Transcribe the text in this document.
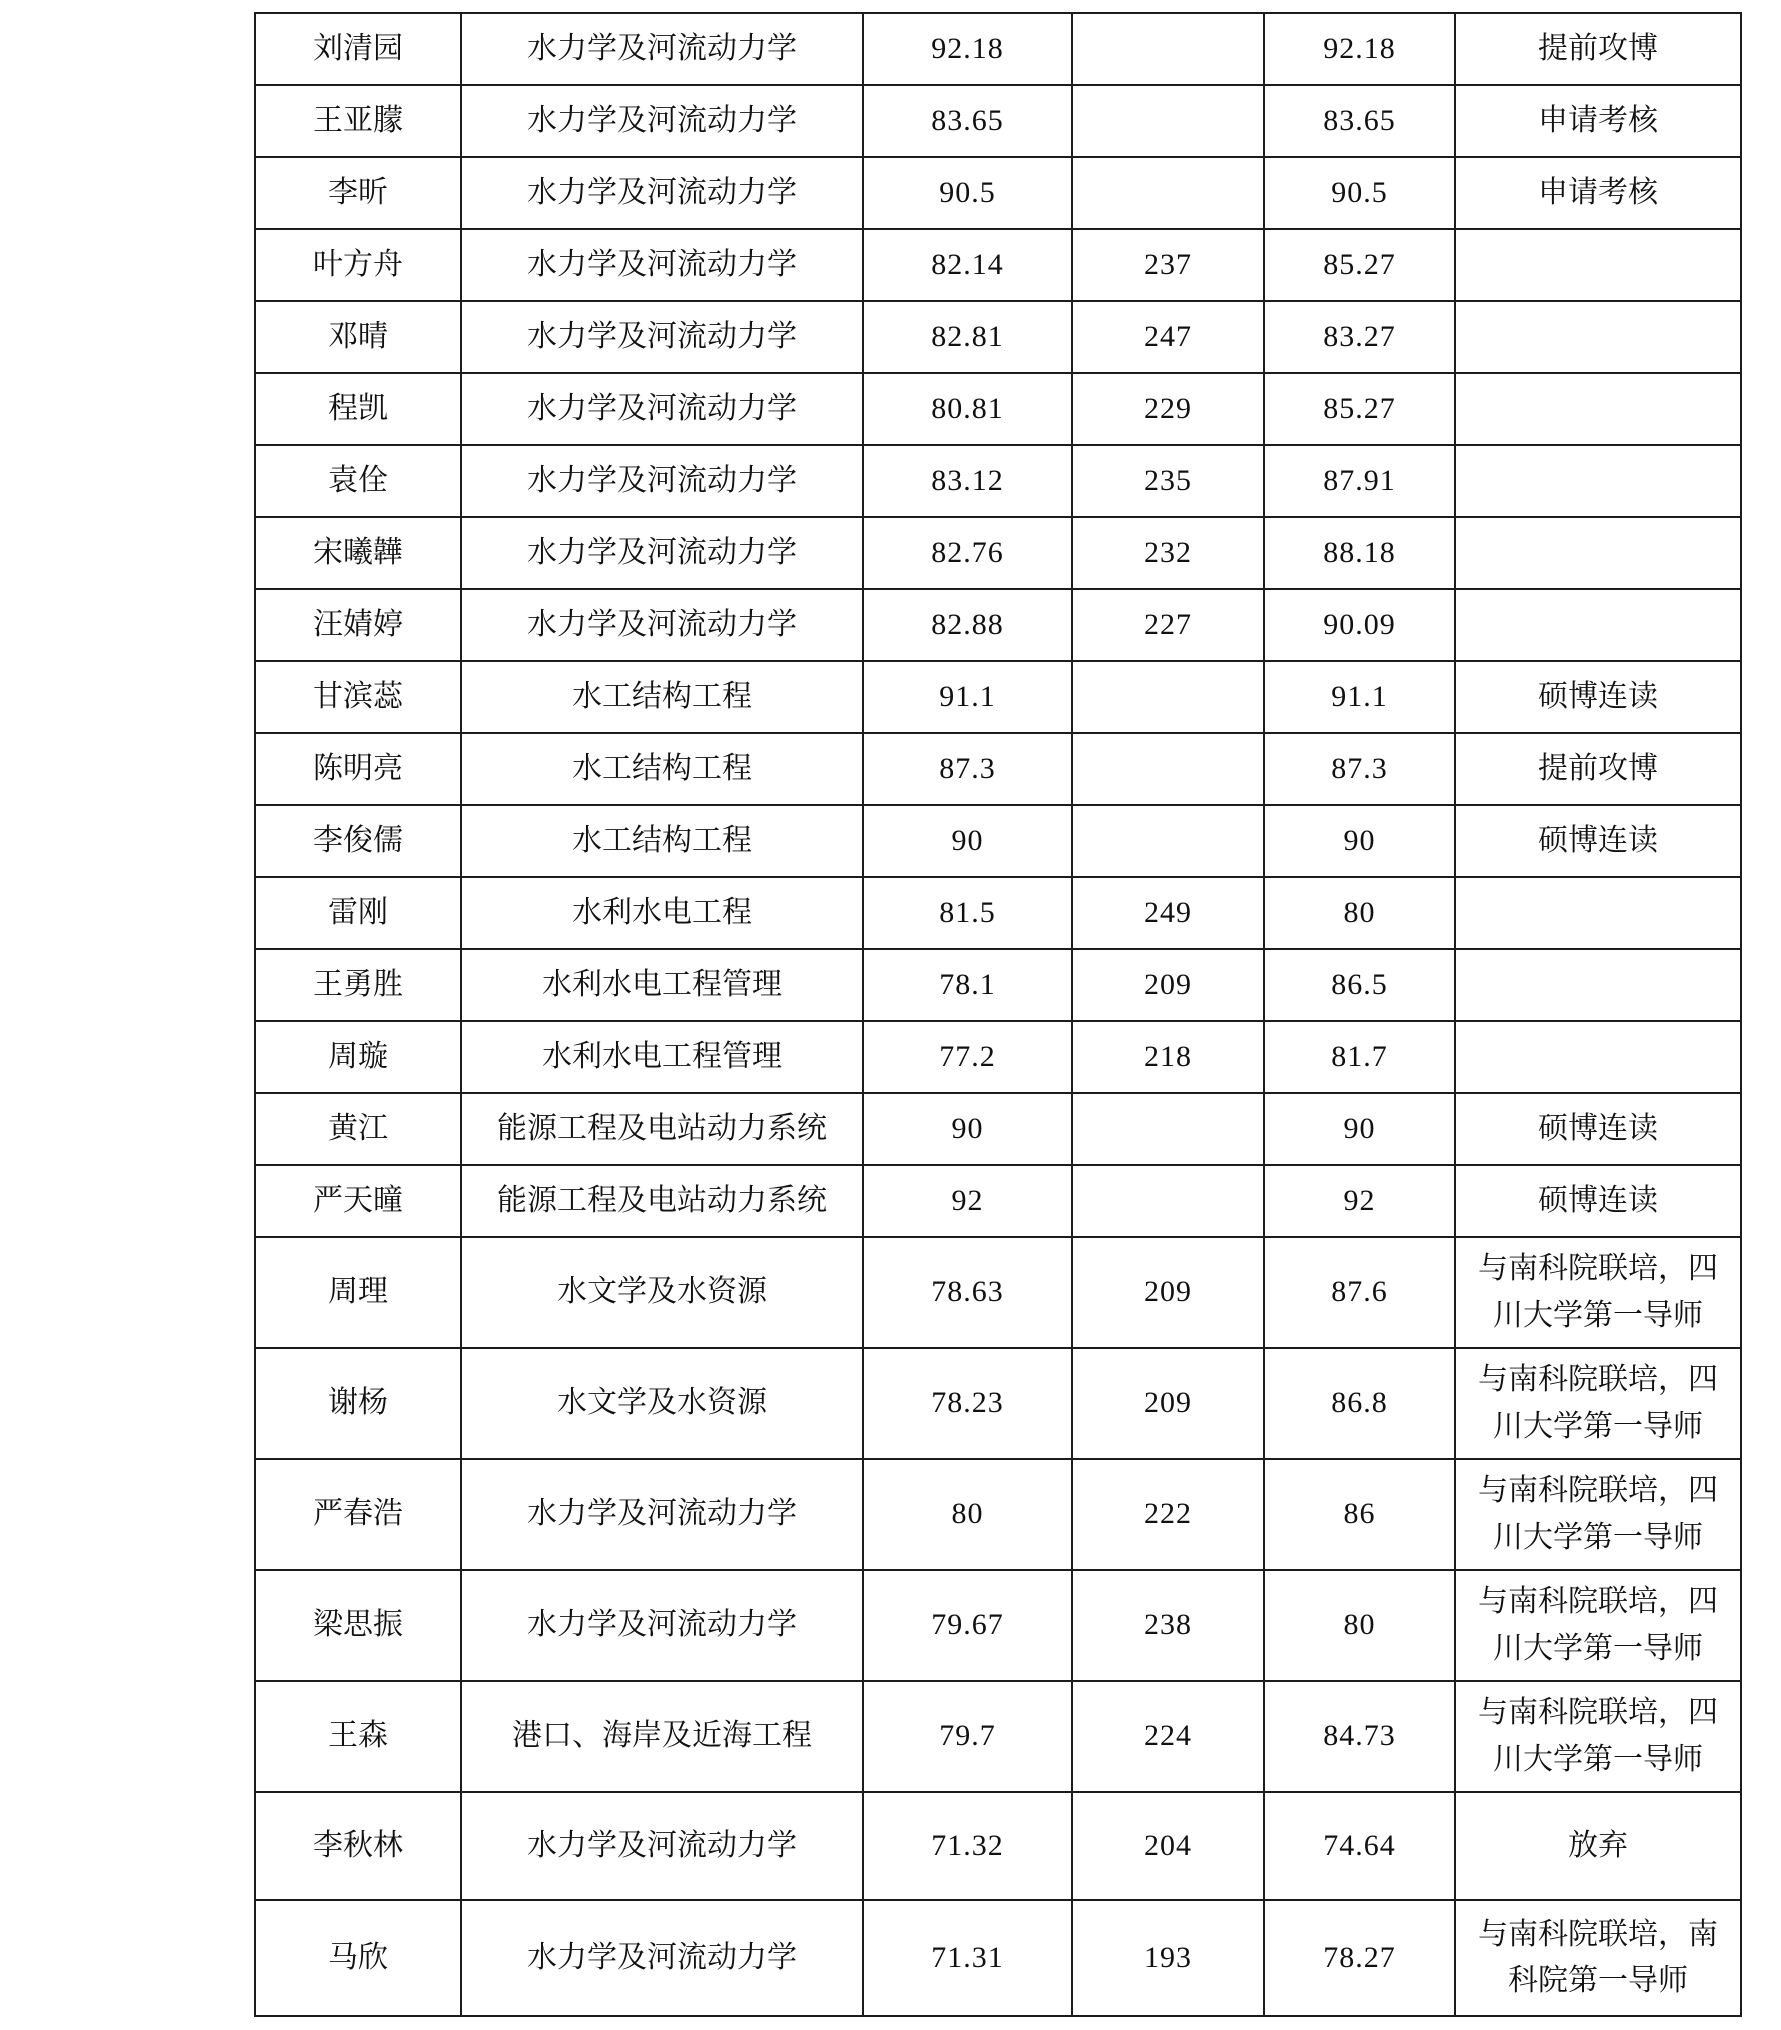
刘清园	水力学及河流动力学	92.18		92.18	提前攻博
王亚朦	水力学及河流动力学	83.65		83.65	申请考核
李昕	水力学及河流动力学	90.5		90.5	申请考核
叶方舟	水力学及河流动力学	82.14	237	85.27	
邓晴	水力学及河流动力学	82.81	247	83.27	
程凯	水力学及河流动力学	80.81	229	85.27	
袁佺	水力学及河流动力学	83.12	235	87.91	
宋曦韡	水力学及河流动力学	82.76	232	88.18	
汪婧婷	水力学及河流动力学	82.88	227	90.09	
甘滨蕊	水工结构工程	91.1		91.1	硕博连读
陈明亮	水工结构工程	87.3		87.3	提前攻博
李俊儒	水工结构工程	90		90	硕博连读
雷刚	水利水电工程	81.5	249	80	
王勇胜	水利水电工程管理	78.1	209	86.5	
周璇	水利水电工程管理	77.2	218	81.7	
黄江	能源工程及电站动力系统	90		90	硕博连读
严天曈	能源工程及电站动力系统	92		92	硕博连读
周理	水文学及水资源	78.63	209	87.6	与南科院联培，四川大学第一导师
谢杨	水文学及水资源	78.23	209	86.8	与南科院联培，四川大学第一导师
严春浩	水力学及河流动力学	80	222	86	与南科院联培，四川大学第一导师
梁思振	水力学及河流动力学	79.67	238	80	与南科院联培，四川大学第一导师
王森	港口、海岸及近海工程	79.7	224	84.73	与南科院联培，四川大学第一导师
李秋林	水力学及河流动力学	71.32	204	74.64	放弃
马欣	水力学及河流动力学	71.31	193	78.27	与南科院联培，南科院第一导师
